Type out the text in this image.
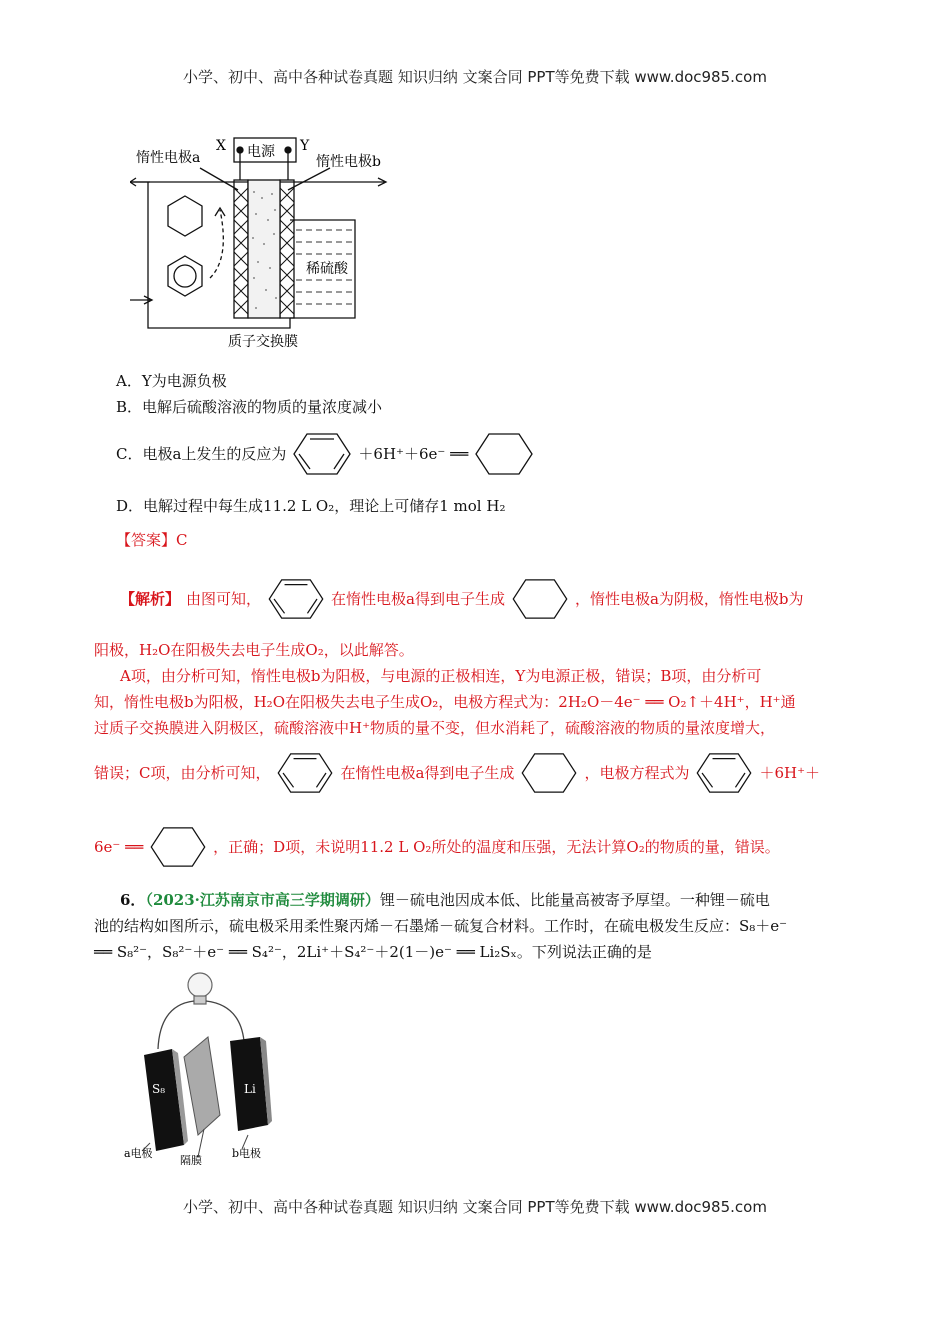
小学、初中、高中各种试卷真题 知识归纳 文案合同 PPT等免费下载 www.doc985.com
X	Y
电源
惰性电极a	惰性电极b
稀硫酸
质子交换膜
A．Y为电源负极
B．电解后硫酸溶液的物质的量浓度减小
C．电极a上发生的反应为	＋6H⁺＋6e⁻ ══
D．电解过程中每生成11.2 L O₂，理论上可储存1 mol H₂
【答案】C
【解析】 由图可知，	在惰性电极a得到电子生成	，惰性电极a为阴极，惰性电极b为
阳极，H₂O在阳极失去电子生成O₂，以此解答。
A项，由分析可知，惰性电极b为阳极，与电源的正极相连，Y为电源正极，错误；B项，由分析可
知，惰性电极b为阳极，H₂O在阳极失去电子生成O₂，电极方程式为：2H₂O－4e⁻ ══ O₂↑＋4H⁺，H⁺通
过质子交换膜进入阴极区，硫酸溶液中H⁺物质的量不变，但水消耗了，硫酸溶液的物质的量浓度增大，
错误；C项，由分析可知，	在惰性电极a得到电子生成	，电极方程式为	＋6H⁺＋
6e⁻ ══	，正确；D项，未说明11.2 L O₂所处的温度和压强，无法计算O₂的物质的量，错误。
6．（2023·江苏南京市高三学期调研）锂－硫电池因成本低、比能量高被寄予厚望。一种锂－硫电
池的结构如图所示，硫电极采用柔性聚丙烯－石墨烯－硫复合材料。工作时，在硫电极发生反应：S₈＋e⁻
══ S₈²⁻，S₈²⁻＋e⁻ ══ S₄²⁻，2Li⁺＋S₄²⁻＋2(1－)e⁻ ══ Li₂Sₓ。下列说法正确的是
S₈	Li
a电极
隔膜
b电极
小学、初中、高中各种试卷真题 知识归纳 文案合同 PPT等免费下载 www.doc985.com
